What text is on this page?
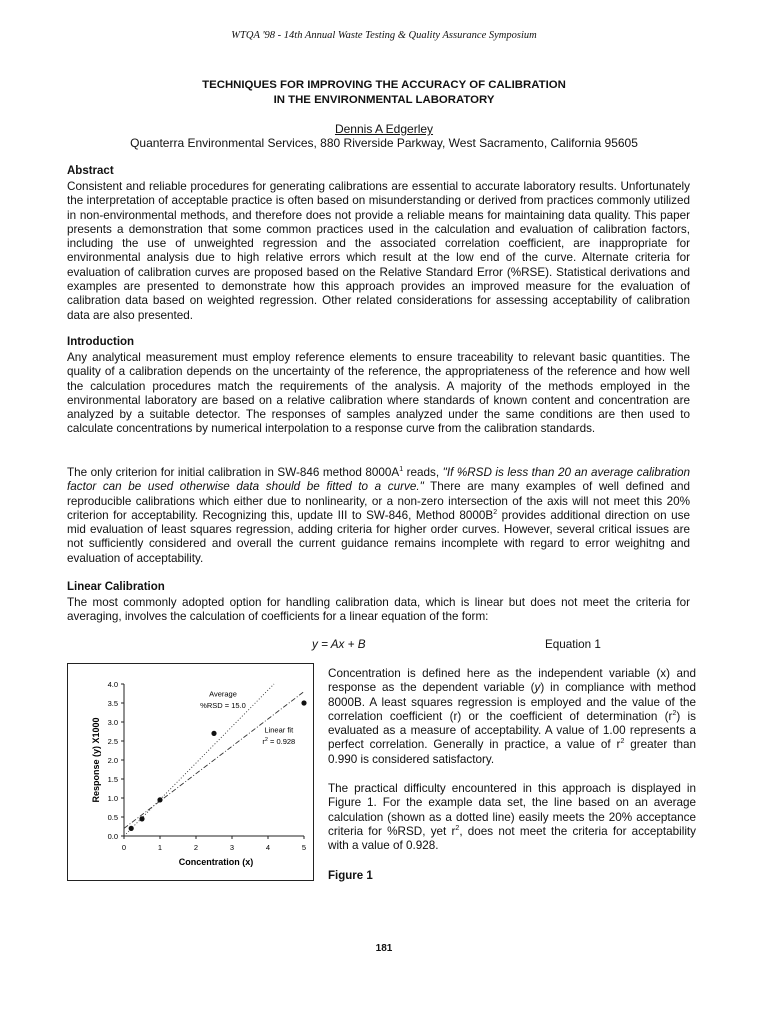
WTQA '98 - 14th Annual Waste Testing & Quality Assurance Symposium
TECHNIQUES FOR IMPROVING THE ACCURACY OF CALIBRATION
IN THE ENVIRONMENTAL LABORATORY
Dennis A Edgerley
Quanterra Environmental Services, 880 Riverside Parkway, West Sacramento, California 95605
Abstract

Consistent and reliable procedures for generating calibrations are essential to accurate laboratory results. Unfortunately the interpretation of acceptable practice is often based on misunderstanding or derived from practices commonly utilized in non-environmental methods, and therefore does not provide a reliable means for maintaining data quality. This paper presents a demonstration that some common practices used in the calculation and evaluation of calibration factors, including the use of unweighted regression and the associated correlation coefficient, are inappropriate for environmental analysis due to high relative errors which result at the low end of the curve. Alternate criteria for evaluation of calibration curves are proposed based on the Relative Standard Error (%RSE). Statistical derivations and examples are presented to demonstrate how this approach provides an improved measure for the evaluation of calibration data based on weighted regression. Other related considerations for assessing acceptability of calibration data are also presented.

Introduction

Any analytical measurement must employ reference elements to ensure traceability to relevant basic quantities. The quality of a calibration depends on the uncertainty of the reference, the appropriateness of the reference and how well the calculation procedures match the requirements of the analysis. A majority of the methods employed in the environmental laboratory are based on a relative calibration where standards of known content and concentration are analyzed by a suitable detector. The responses of samples analyzed under the same conditions are then used to calculate concentrations by numerical interpolation to a response curve from the calibration standards.

The only criterion for initial calibration in SW-846 method $8000A^1$ reads, "If %RSD is less than 20 an average calibration factor can be used otherwise data should be fitted to a curve." There are many examples of well defined and reproducible calibrations which either due to nonlinearity, or a non-zero intersection of the axis will not meet this 20% criterion for acceptability. Recognizing this, update III to SW-846, Method $8000B^2$ provides additional direction on use mid evaluation of least squares regression, adding criteria for higher order curves. However, several critical issues are not sufficiently considered and overall the current guidance remains incomplete with regard to error weighitng and evaluation of acceptability.

Linear Calibration

The most commonly adopted option for handling calibration data, which is linear but does not meet the criteria for averaging, involves the calculation of coefficients for a linear equation of the form:

y = Ax + B	Equation 1
Response (y) X1000
Concentration (x)
0.0
0.5
1.0
1.5
2.0
2.5
3.0
3.5
4.0
0	1	2	3	4	5
Average
%RSD = 15.0
Linear fit
$r^2 = 0.928$

Concentration is defined here as the independent variable (x) and response as the dependent variable (y) in compliance with method 8000B. A least squares regression is employed and the value of the correlation coefficient (r) or the coefficient of determination $(r^2)$ is evaluated as a measure of acceptability. A value of 1.00 represents a perfect correlation. Generally in practice, a value of $r^2$ greater than 0.990 is considered satisfactory.

The practical difficulty encountered in this approach is displayed in Figure 1. For the example data set, the line based on an average calculation (shown as a dotted line) easily meets the 20% acceptance criteria for %RSD, yet $r^2$, does not meet the criteria for acceptability with a value of 0.928.

Figure 1
181
